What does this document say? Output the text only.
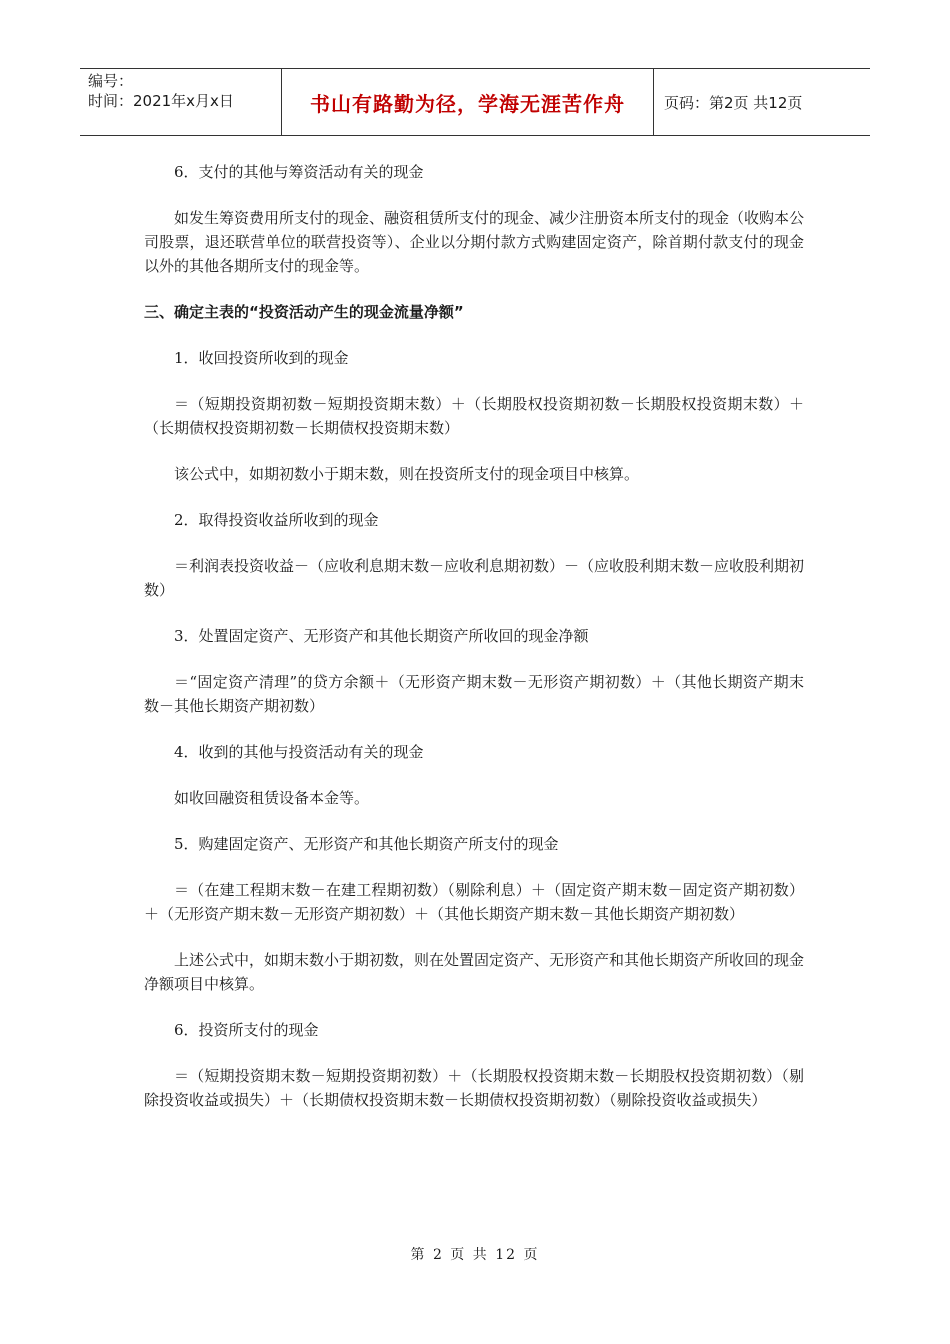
编号：
时间：2021年x月x日	书山有路勤为径，学海无涯苦作舟	页码：第2页 共12页

6．支付的其他与筹资活动有关的现金

如发生筹资费用所支付的现金、融资租赁所支付的现金、减少注册资本所支付的现金（收购本公司股票，退还联营单位的联营投资等）、企业以分期付款方式购建固定资产，除首期付款支付的现金以外的其他各期所支付的现金等。

三、确定主表的“投资活动产生的现金流量净额”

1．收回投资所收到的现金

＝（短期投资期初数－短期投资期末数）＋（长期股权投资期初数－长期股权投资期末数）＋（长期债权投资期初数－长期债权投资期末数）

该公式中，如期初数小于期末数，则在投资所支付的现金项目中核算。

2．取得投资收益所收到的现金

＝利润表投资收益－（应收利息期末数－应收利息期初数）－（应收股利期末数－应收股利期初数）

3．处置固定资产、无形资产和其他长期资产所收回的现金净额

＝“固定资产清理”的贷方余额＋（无形资产期末数－无形资产期初数）＋（其他长期资产期末数－其他长期资产期初数）

4．收到的其他与投资活动有关的现金

如收回融资租赁设备本金等。

5．购建固定资产、无形资产和其他长期资产所支付的现金

＝（在建工程期末数－在建工程期初数）（剔除利息）＋（固定资产期末数－固定资产期初数）＋（无形资产期末数－无形资产期初数）＋（其他长期资产期末数－其他长期资产期初数）

上述公式中，如期末数小于期初数，则在处置固定资产、无形资产和其他长期资产所收回的现金净额项目中核算。

6．投资所支付的现金

＝（短期投资期末数－短期投资期初数）＋（长期股权投资期末数－长期股权投资期初数）（剔除投资收益或损失）＋（长期债权投资期末数－长期债权投资期初数）（剔除投资收益或损失）

第 2 页 共 12 页
